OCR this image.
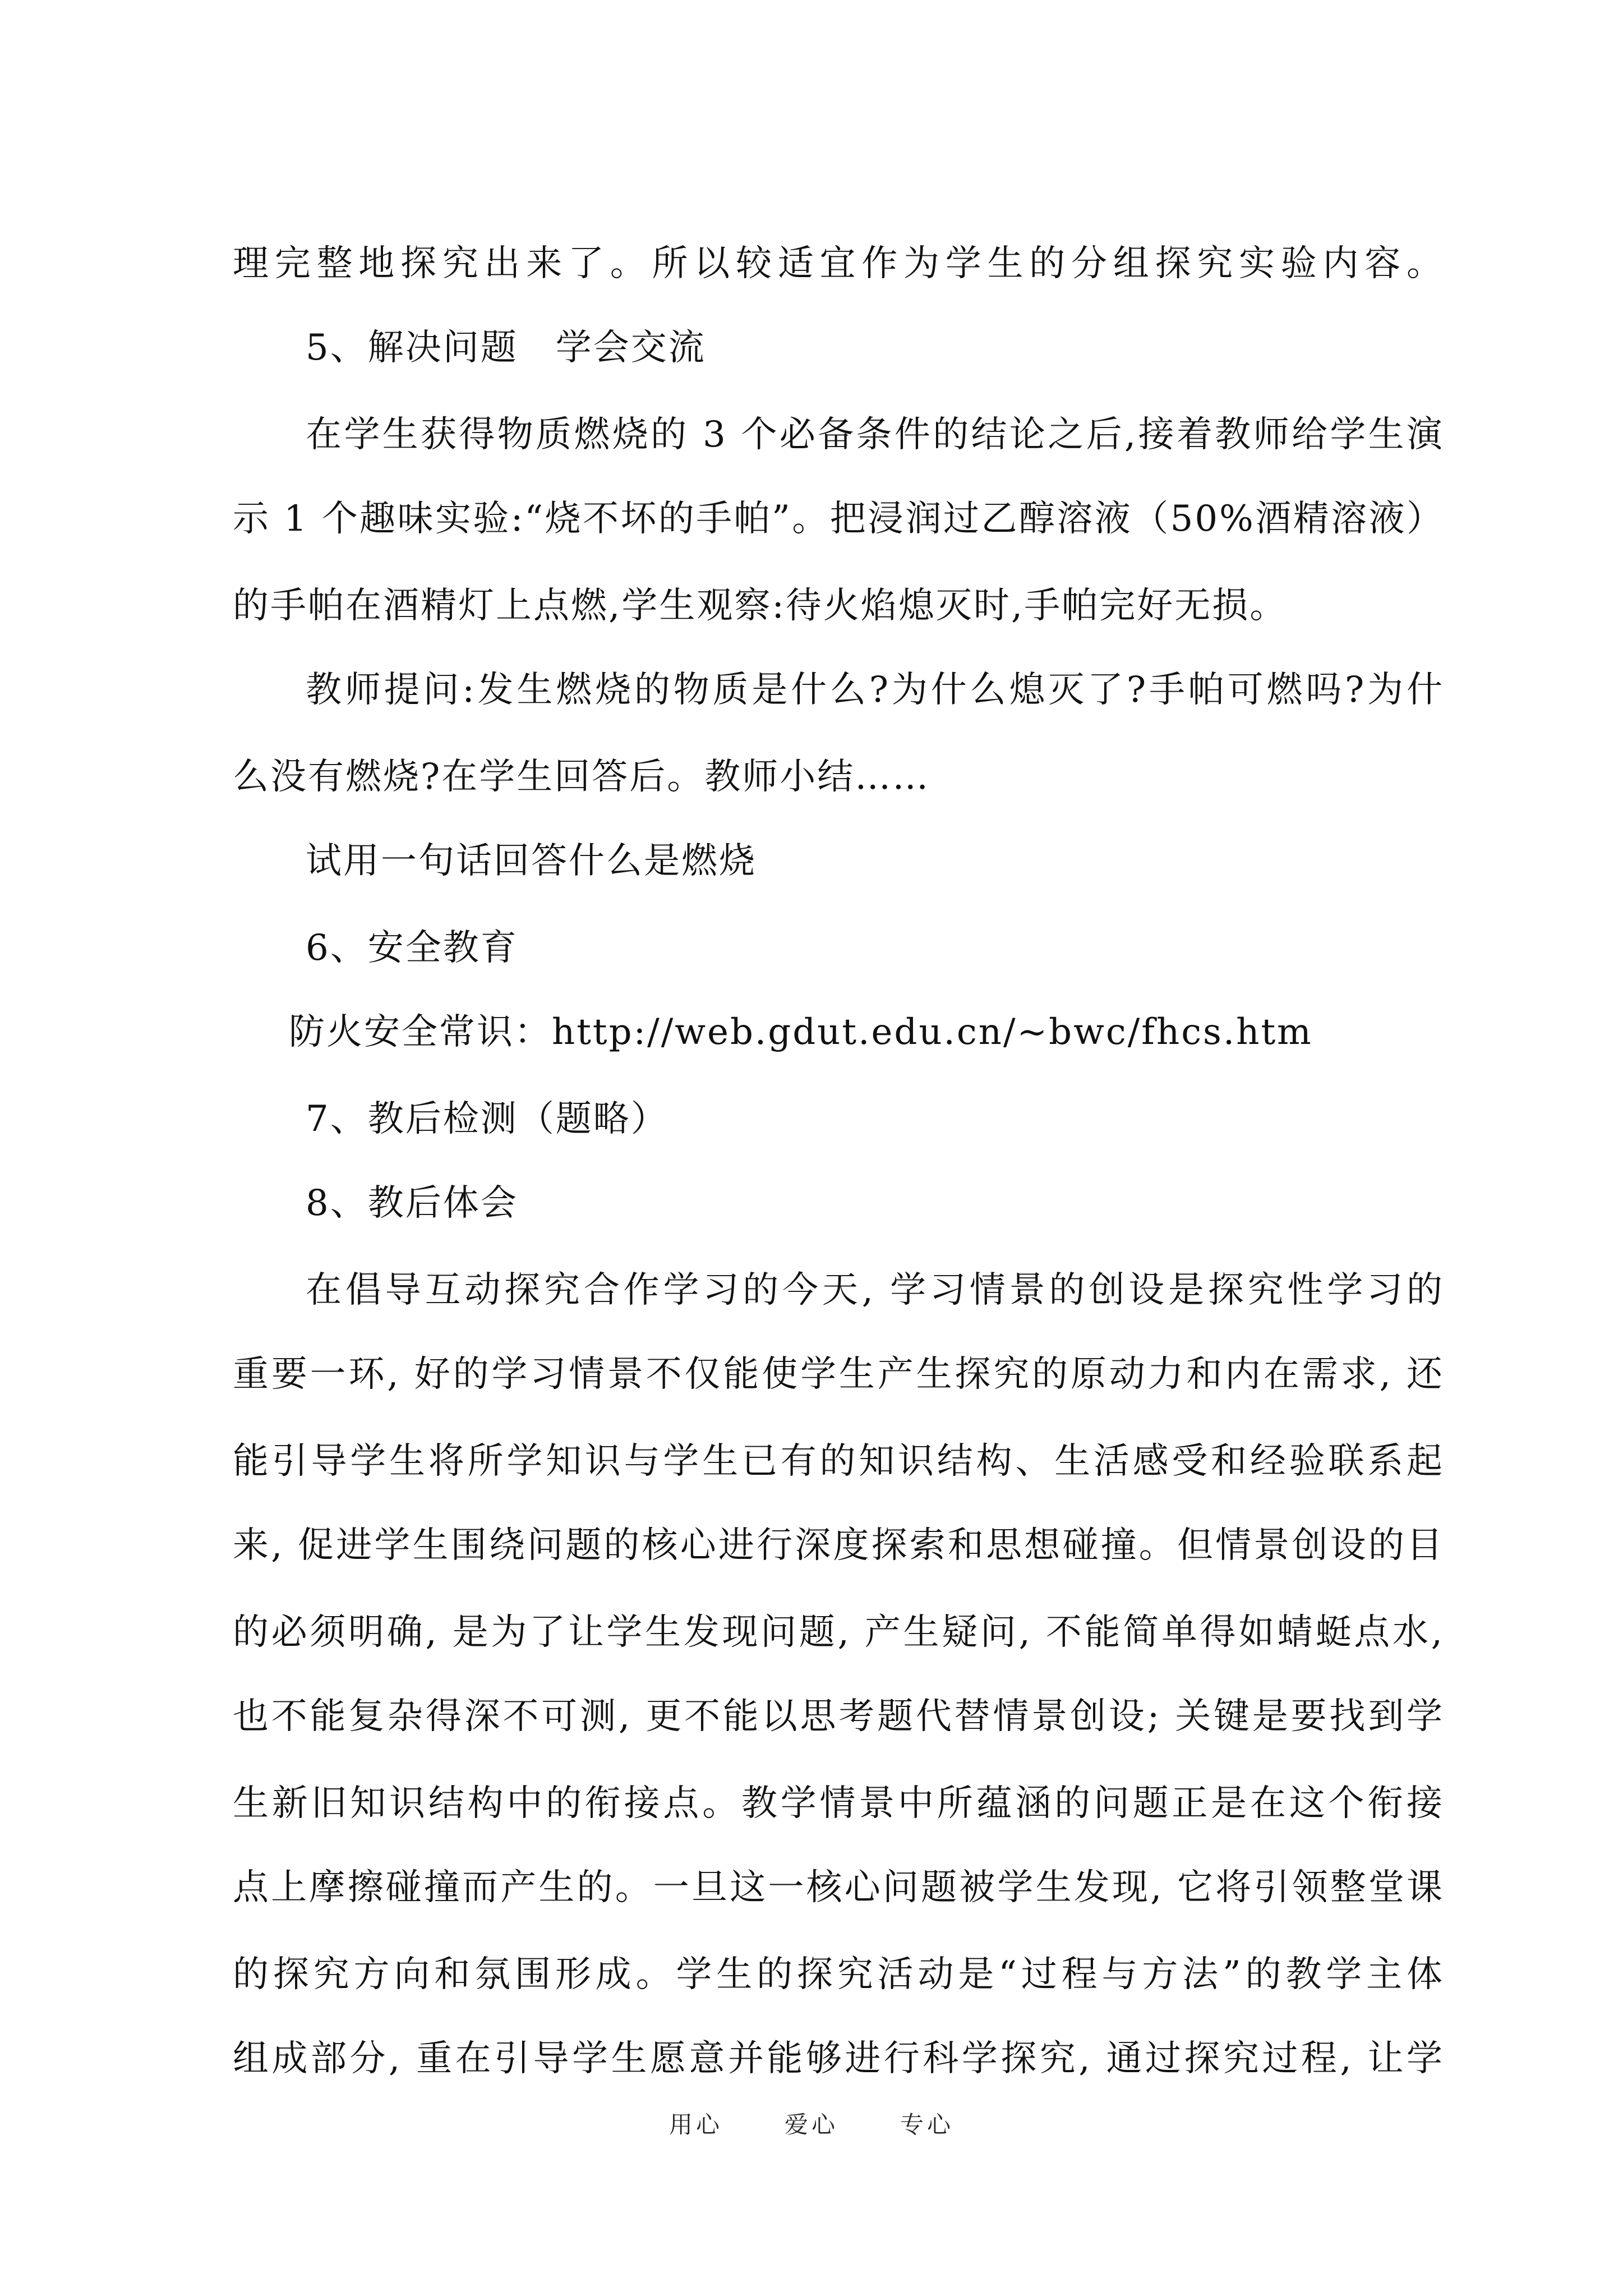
理完整地探究出来了。所以较适宜作为学生的分组探究实验内容。
5、解决问题　学会交流
在学生获得物质燃烧的 3 个必备条件的结论之后,接着教师给学生演
示 1 个趣味实验:“烧不坏的手帕”。把浸润过乙醇溶液（50%酒精溶液）
的手帕在酒精灯上点燃,学生观察:待火焰熄灭时,手帕完好无损。
教师提问:发生燃烧的物质是什么?为什么熄灭了?手帕可燃吗?为什
么没有燃烧?在学生回答后。教师小结……
试用一句话回答什么是燃烧
6、安全教育
防火安全常识：http://web.gdut.edu.cn/~bwc/fhcs.htm
7、教后检测（题略）
8、教后体会
在倡导互动探究合作学习的今天, 学习情景的创设是探究性学习的
重要一环, 好的学习情景不仅能使学生产生探究的原动力和内在需求, 还
能引导学生将所学知识与学生已有的知识结构、生活感受和经验联系起
来, 促进学生围绕问题的核心进行深度探索和思想碰撞。但情景创设的目
的必须明确, 是为了让学生发现问题, 产生疑问, 不能简单得如蜻蜓点水,
也不能复杂得深不可测, 更不能以思考题代替情景创设; 关键是要找到学
生新旧知识结构中的衔接点。教学情景中所蕴涵的问题正是在这个衔接
点上摩擦碰撞而产生的。一旦这一核心问题被学生发现, 它将引领整堂课
的探究方向和氛围形成。学生的探究活动是“过程与方法”的教学主体
组成部分, 重在引导学生愿意并能够进行科学探究, 通过探究过程, 让学
用心	爱心	专心
